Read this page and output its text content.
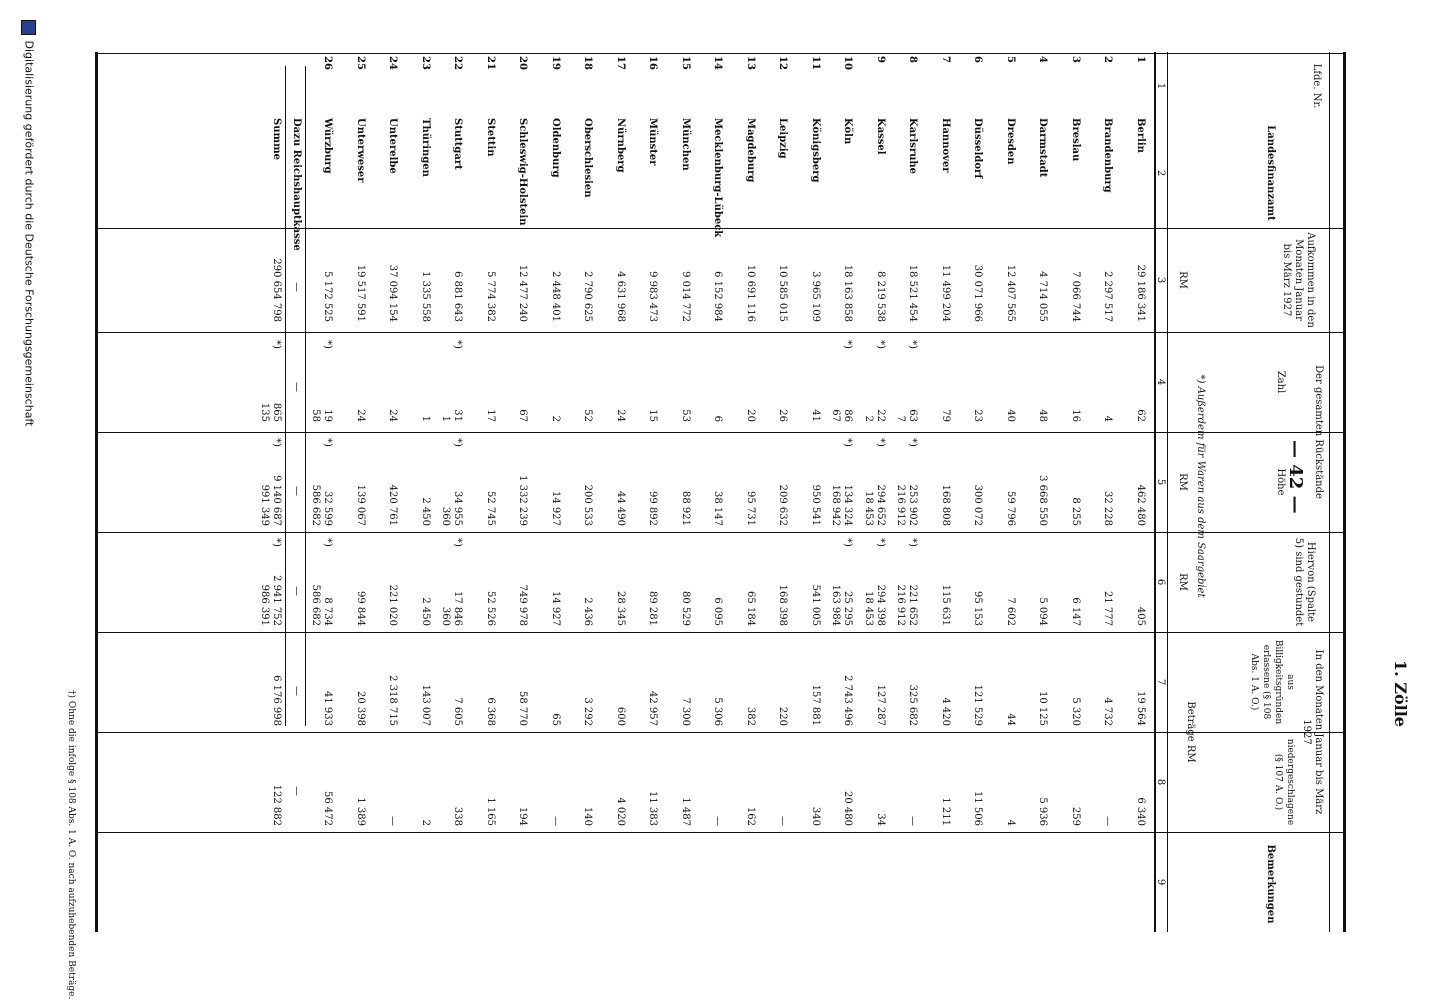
— 42 —
1. Zölle
Lfde. Nr.
Landesfinanzamt
Aufkommen in den Monaten Januar bis März 1927
RM
Der gesamten Rückstände
Zahl
Höhe
RM *) Außerdem für Waren aus dem Saargebiet	Hiervon (Spalte 5) sind gestundet
RM
In den Monaten Januar bis März 1927
aus Billigkeitsgründen erlassene (§ 108 Abs. 1 A. O.)
niedergeschlagene (§ 107 A. O.)
Beträge RM
Bemerkungen
1
2
3
4
5
6
7
8
9
1
Berlin
29 186 341
62
462 480
405
19 564
6 340
2
Brandenburg
2 297 517
4
32 228
21 777
4 732
—
3
Breslau
7 066 744
16
8 255
6 147
5 320
259
4
Darmstadt
4 714 055
48
3 668 550
5 094
10 125
5 936
5
Dresden
12 407 565
40
59 796
7 602
44
4
6
Düsseldorf
30 071 966
23
300 072
95 153
121 529
11 506
7
Hannover
11 499 204
79
168 808
115 631
4 420
1 211
8
Karlsruhe
18 521 454
63
253 902
221 652
325 682
—
7
216 912
216 912
*)
*)
*)
9
Kassel
8 219 538
22
294 652
294 398
127 287
34
2
18 453
18 453
*)
*)
*)
10
Köln
18 163 858
86
134 324
25 295
2 743 496
20 480
67
168 942
163 984
*)
*)
*)
11
Königsberg
3 965 109
41
950 541
541 005
157 881
340
12
Leipzig
10 585 015
26
209 632
168 398
220
—
13
Magdeburg
10 691 116
20
95 731
65 184
382
162
14
Mecklenburg-Lübeck
6 152 984
6
38 147
6 095
5 306
—
15
München
9 014 772
53
88 921
80 529
7 300
1 487
16
Münster
9 983 473
15
99 892
89 281
42 957
11 383
17
Nürnberg
4 631 968
24
44 490
28 345
600
4 020
18
Oberschlesien
2 790 625
52
200 533
2 436
3 292
140
19
Oldenburg
2 448 401
2
14 927
14 927
65
—
20
Schleswig-Holstein
12 477 240
67
1 332 239
749 978
58 770
194
21
Stettin
5 774 382
17
52 745
52 526
6 368
1 165
22
Stuttgart
6 881 643
31
34 955
17 846
7 605
338
1
360
360
*)
*)
*)
23
Thüringen
1 335 558
1
2 450
2 450
143 007
2
24
Unterelbe
37 094 154
24
420 761
221 020
2 318 715
—
25
Unterweser
19 517 591
24
139 067
99 844
20 398
1 389
26
Würzburg
5 172 525
19
32 599
8 734
41 933
56 472
58
586 682
586 682
*)
*)
*)
Dazu Reichshauptkasse
—
—
—
—
—
—
Summe
290 654 798
865
135
9 140 687
991 349
2 941 752
986 391
6 176 998
122 882
*)
*)
*)
†) Ohne die infolge § 108 Abs. 1 A. O. nach aufzuhebenden Beträge.
Digitalisierung gefördert durch die Deutsche Forschungsgemeinschaft
